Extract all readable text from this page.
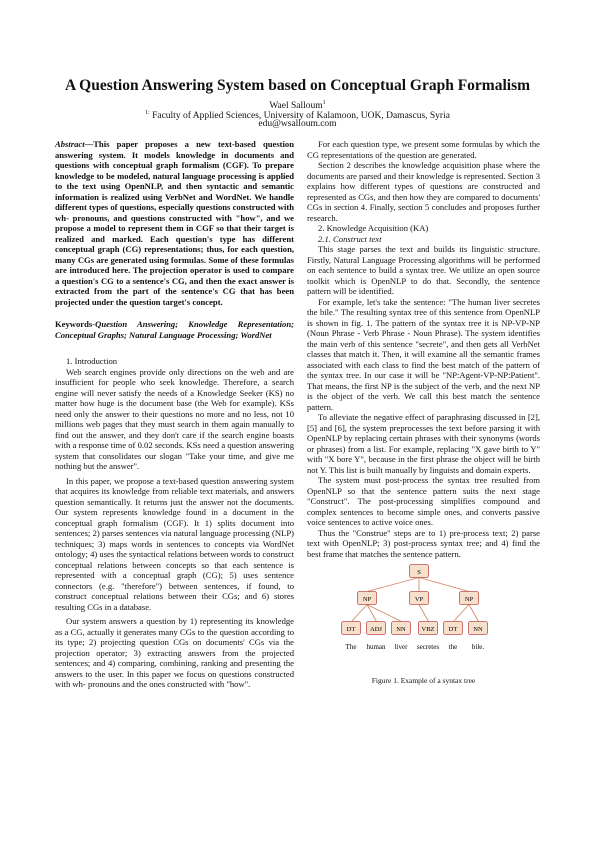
A Question Answering System based on Conceptual Graph Formalism
Wael Salloum$^1$
$^{1:}$ Faculty of Applied Sciences, University of Kalamoon, UOK, Damascus, Syria
edu@wsalloum.com

Abstract—This paper proposes a new text-based question answering system. It models knowledge in documents and questions with conceptual graph formalism (CGF). To prepare knowledge to be modeled, natural language processing is applied to the text using OpenNLP, and then syntactic and semantic information is realized using VerbNet and WordNet. We handle different types of questions, especially questions constructed with wh- pronouns, and questions constructed with "how", and we propose a model to represent them in CGF so that their target is realized and marked. Each question's type has different conceptual graph (CG) representations; thus, for each question, many CGs are generated using formulas. Some of these formulas are introduced here. The projection operator is used to compare a question's CG to a sentence's CG, and then the exact answer is extracted from the part of the sentence's CG that has been projected under the question target's concept.

Keywords-Question Answering; Knowledge Representation; Conceptual Graphs; Natural Language Processing; WordNet

1. Introduction

Web search engines provide only directions on the web and are insufficient for people who seek knowledge. Therefore, a search engine will never satisfy the needs of a Knowledge Seeker (KS) no matter how huge is the document base (the Web for example). KSs need only the answer to their questions no more and no less, not 10 millions web pages that they must search in them again manually to find out the answer, and they don't care if the search engine boasts with a response time of 0.02 seconds. KSs need a question answering system that consolidates our slogan "Take your time, and give me nothing but the answer".

In this paper, we propose a text-based question answering system that acquires its knowledge from reliable text materials, and answers question semantically. It returns just the answer not the documents. Our system represents knowledge found in a document in the conceptual graph formalism (CGF). It 1) splits document into sentences; 2) parses sentences via natural language processing (NLP) techniques; 3) maps words in sentences to concepts via WordNet ontology; 4) uses the syntactical relations between words to construct conceptual relations between concepts so that each sentence is represented with a conceptual graph (CG); 5) uses sentence connectors (e.g. "therefore") between sentences, if found, to construct conceptual relations between their CGs; and 6) stores resulting CGs in a database.

Our system answers a question by 1) representing its knowledge as a CG, actually it generates many CGs to the question according to its type; 2) projecting question CGs on documents' CGs via the projection operator; 3) extracting answers from the projected sentences; and 4) comparing, combining, ranking and presenting the answers to the user. In this paper we focus on questions constructed with wh- pronouns and the ones constructed with "how".

For each question type, we present some formulas by which the CG representations of the question are generated.

Section 2 describes the knowledge acquisition phase where the documents are parsed and their knowledge is represented. Section 3 explains how different types of questions are constructed and represented as CGs, and then how they are compared to documents' CGs in section 4. Finally, section 5 concludes and proposes further research.

2. Knowledge Acquisition (KA)

2.1. Construct text

This stage parses the text and builds its linguistic structure. Firstly, Natural Language Processing algorithms will be performed on each sentence to build a syntax tree. We utilize an open source toolkit which is OpenNLP to do that. Secondly, the sentence pattern will be identified.

For example, let's take the sentence: "The human liver secretes the bile." The resulting syntax tree of this sentence from OpenNLP is shown in fig. 1. The pattern of the syntax tree it is NP-VP-NP (Noun Phrase - Verb Phrase - Noun Phrase). The system identifies the main verb of this sentence "secrete", and then gets all VerbNet classes that match it. Then, it will examine all the semantic frames associated with each class to find the best match of the pattern of the syntax tree. In our case it will be "NP:Agent-VP-NP:Patient". That means, the first NP is the subject of the verb, and the next NP is the object of the verb. We call this best match the sentence pattern.

To alleviate the negative effect of paraphrasing discussed in [2], [5] and [6], the system preprocesses the text before parsing it with OpenNLP by replacing certain phrases with their synonyms (words or phrases) from a list. For example, replacing "X gave birth to Y" with "X bore Y", because in the first phrase the object will be birth not Y. This list is built manually by linguists and domain experts.

The system must post-process the syntax tree resulted from OpenNLP so that the sentence pattern suits the next stage "Construct". The post-processing simplifies compound and complex sentences to become simple ones, and converts passive voice sentences to active voice ones.

Thus the "Construe" steps are to 1) pre-process text; 2) parse text with OpenNLP; 3) post-process syntax tree; and 4) find the best frame that matches the sentence pattern.

S
NP	VP	NP
DT ADJ NN VBZ DT NN
The human liver secretes the bile.
Figure 1. Example of a syntax tree
